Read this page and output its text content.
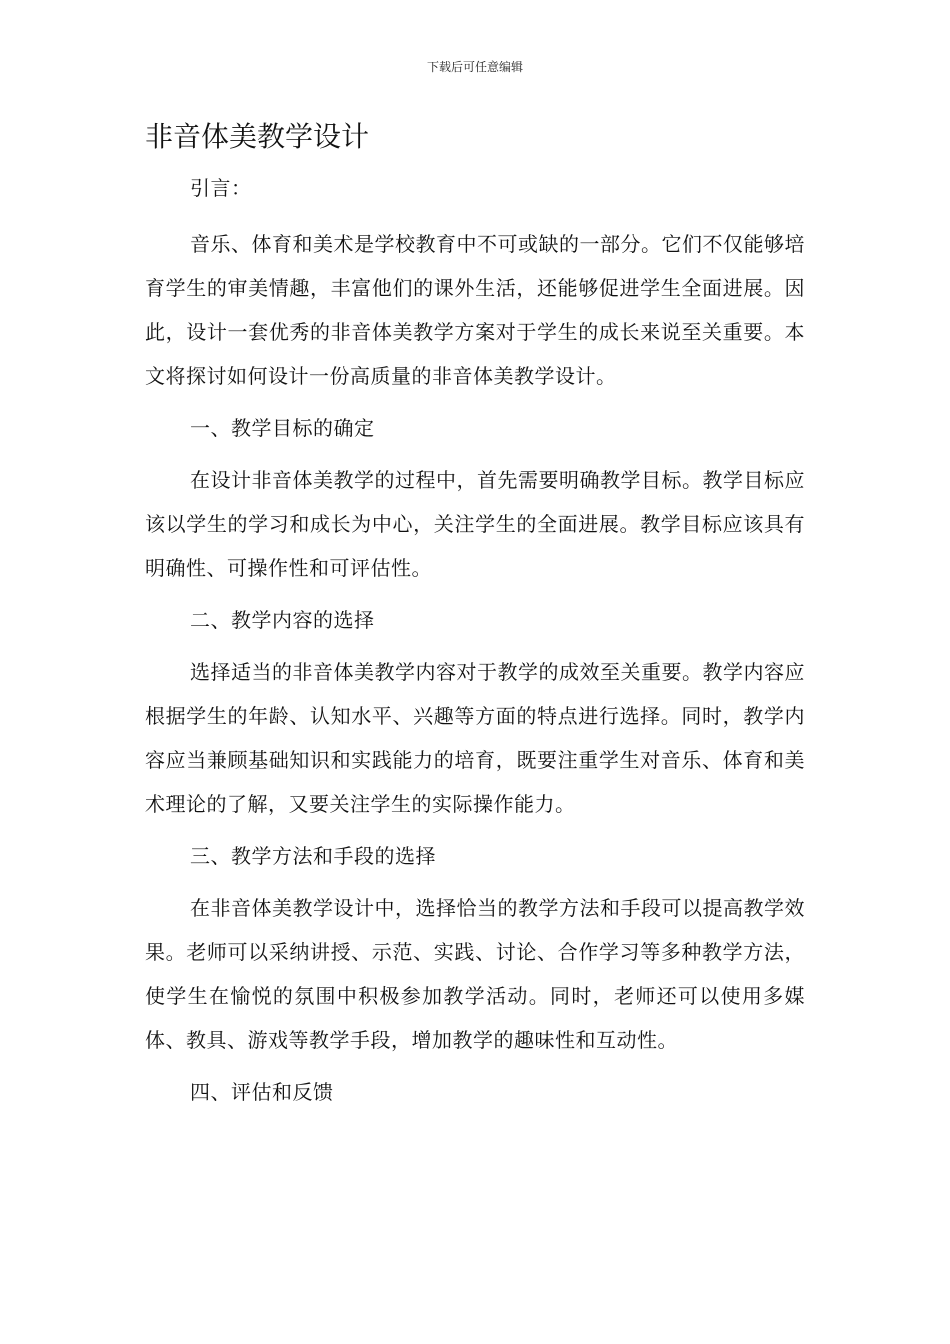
下载后可任意编辑
非音体美教学设计

引言：

音乐、体育和美术是学校教育中不可或缺的一部分。它们不仅能够培育学生的审美情趣，丰富他们的课外生活，还能够促进学生全面进展。因此，设计一套优秀的非音体美教学方案对于学生的成长来说至关重要。本文将探讨如何设计一份高质量的非音体美教学设计。

一、教学目标的确定

在设计非音体美教学的过程中，首先需要明确教学目标。教学目标应该以学生的学习和成长为中心，关注学生的全面进展。教学目标应该具有明确性、可操作性和可评估性。

二、教学内容的选择

选择适当的非音体美教学内容对于教学的成效至关重要。教学内容应根据学生的年龄、认知水平、兴趣等方面的特点进行选择。同时，教学内容应当兼顾基础知识和实践能力的培育，既要注重学生对音乐、体育和美术理论的了解，又要关注学生的实际操作能力。

三、教学方法和手段的选择

在非音体美教学设计中，选择恰当的教学方法和手段可以提高教学效果。老师可以采纳讲授、示范、实践、讨论、合作学习等多种教学方法，使学生在愉悦的氛围中积极参加教学活动。同时，老师还可以使用多媒体、教具、游戏等教学手段，增加教学的趣味性和互动性。

四、评估和反馈
